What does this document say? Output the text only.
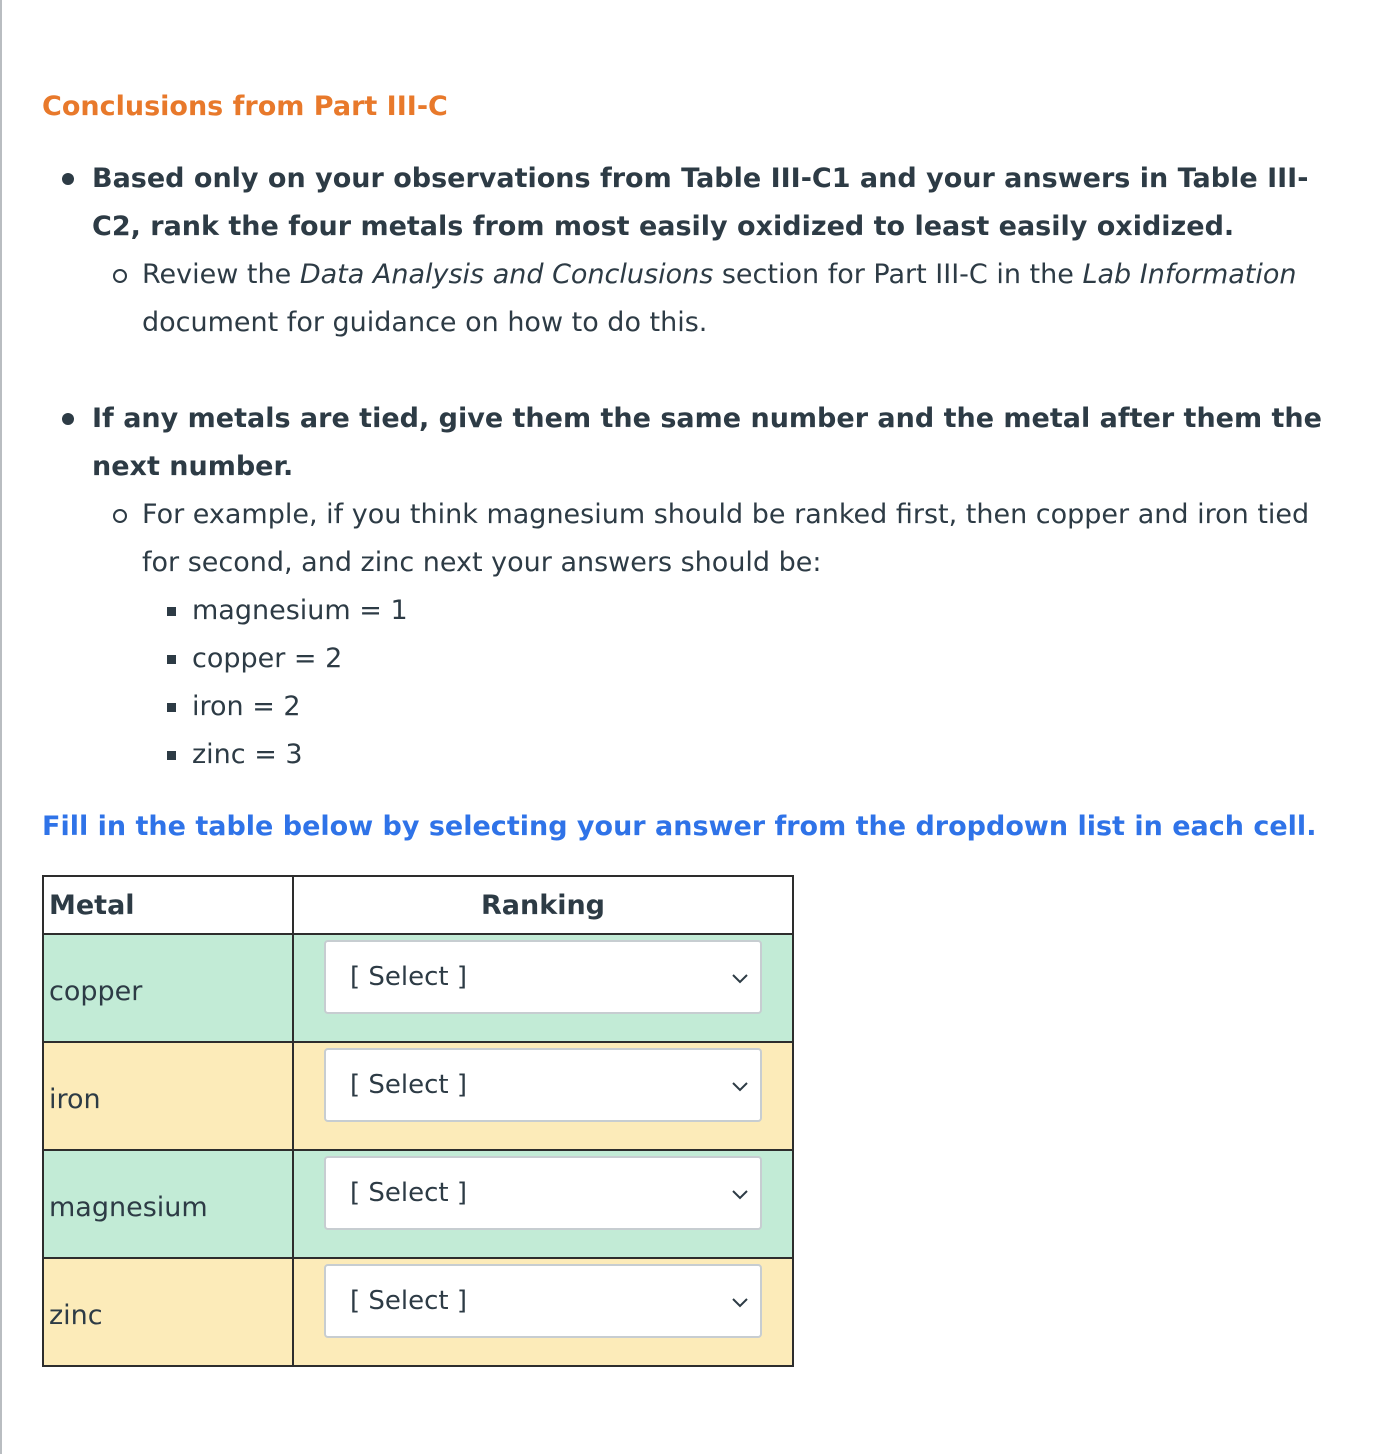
Conclusions from Part III-C
Based only on your observations from Table III-C1 and your answers in Table III-C2, rank the four metals from most easily oxidized to least easily oxidized.
Review the Data Analysis and Conclusions section for Part III-C in the Lab Information document for guidance on how to do this.
If any metals are tied, give them the same number and the metal after them the next number.
For example, if you think magnesium should be ranked first, then copper and iron tied for second, and zinc next your answers should be:
magnesium = 1
copper = 2
iron = 2
zinc = 3

Fill in the table below by selecting your answer from the dropdown list in each cell.

Metal	Ranking

copper	[ Select ]

iron	[ Select ]

magnesium	[ Select ]

zinc	[ Select ]
